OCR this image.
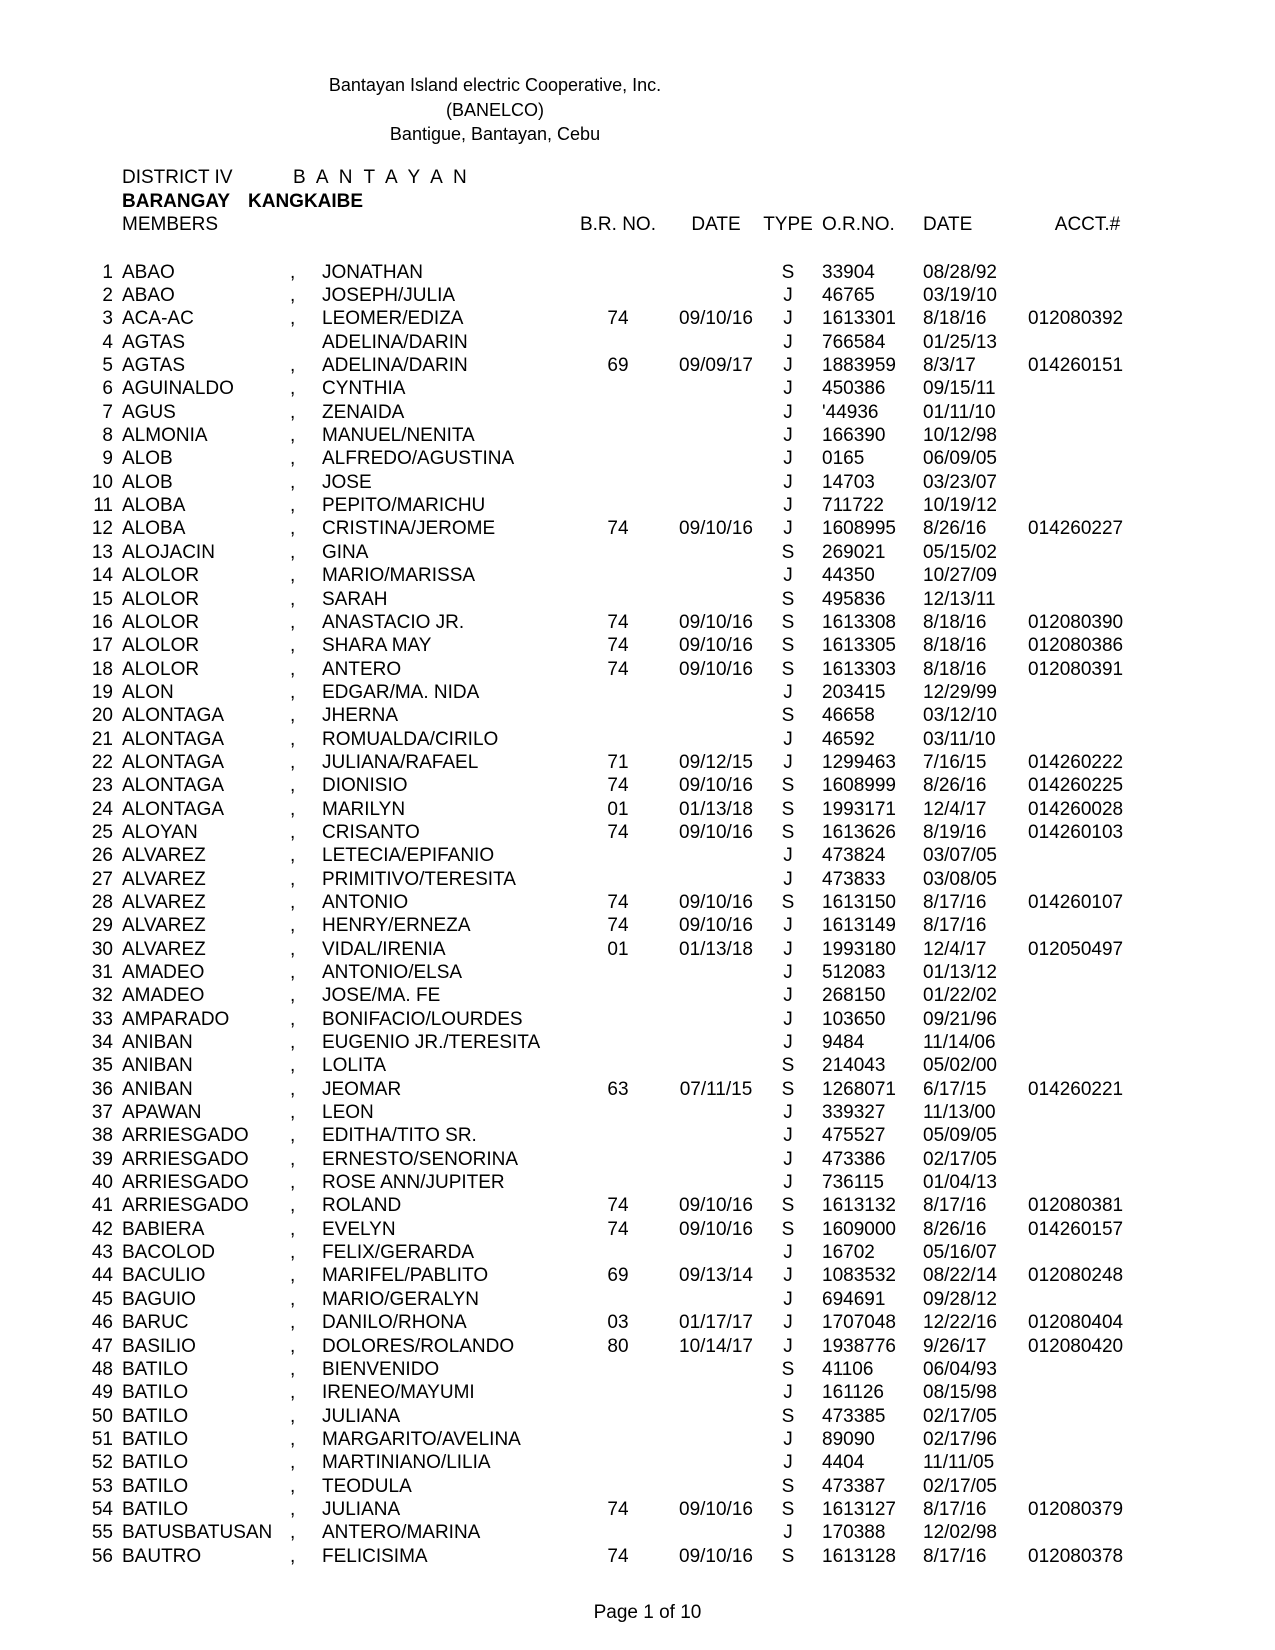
Bantayan Island electric Cooperative, Inc.
(BANELCO)
Bantigue, Bantayan, Cebu
DISTRICT IV	B A N T A Y A N
BARANGAY KANGKAIBE
MEMBERS	B.R. NO.	DATE	TYPE O.R.NO.	DATE	ACCT.#
1 ABAO	,	JONATHAN	S	33904	08/28/92
2 ABAO	,	JOSEPH/JULIA	J	46765	03/19/10
3 ACA-AC	,	LEOMER/EDIZA	74	09/10/16	J	1613301	8/18/16	012080392
4 AGTAS	ADELINA/DARIN	J	766584	01/25/13
5 AGTAS	,	ADELINA/DARIN	69	09/09/17	J	1883959	8/3/17	014260151
6 AGUINALDO	,	CYNTHIA	J	450386	09/15/11
7 AGUS	,	ZENAIDA	J	'44936	01/11/10
8 ALMONIA	,	MANUEL/NENITA	J	166390	10/12/98
9 ALOB	,	ALFREDO/AGUSTINA	J	0165	06/09/05
10 ALOB	,	JOSE	J	14703	03/23/07
11 ALOBA	,	PEPITO/MARICHU	J	711722	10/19/12
12 ALOBA	,	CRISTINA/JEROME	74	09/10/16	J	1608995	8/26/16	014260227
13 ALOJACIN	,	GINA	S	269021	05/15/02
14 ALOLOR	,	MARIO/MARISSA	J	44350	10/27/09
15 ALOLOR	,	SARAH	S	495836	12/13/11
16 ALOLOR	,	ANASTACIO JR.	74	09/10/16	S	1613308	8/18/16	012080390
17 ALOLOR	,	SHARA MAY	74	09/10/16	S	1613305	8/18/16	012080386
18 ALOLOR	,	ANTERO	74	09/10/16	S	1613303	8/18/16	012080391
19 ALON	,	EDGAR/MA. NIDA	J	203415	12/29/99
20 ALONTAGA	,	JHERNA	S	46658	03/12/10
21 ALONTAGA	,	ROMUALDA/CIRILO	J	46592	03/11/10
22 ALONTAGA	,	JULIANA/RAFAEL	71	09/12/15	J	1299463	7/16/15	014260222
23 ALONTAGA	,	DIONISIO	74	09/10/16	S	1608999	8/26/16	014260225
24 ALONTAGA	,	MARILYN	01	01/13/18	S	1993171	12/4/17	014260028
25 ALOYAN	,	CRISANTO	74	09/10/16	S	1613626	8/19/16	014260103
26 ALVAREZ	,	LETECIA/EPIFANIO	J	473824	03/07/05
27 ALVAREZ	,	PRIMITIVO/TERESITA	J	473833	03/08/05
28 ALVAREZ	,	ANTONIO	74	09/10/16	S	1613150	8/17/16	014260107
29 ALVAREZ	,	HENRY/ERNEZA	74	09/10/16	J	1613149	8/17/16
30 ALVAREZ	,	VIDAL/IRENIA	01	01/13/18	J	1993180	12/4/17	012050497
31 AMADEO	,	ANTONIO/ELSA	J	512083	01/13/12
32 AMADEO	,	JOSE/MA. FE	J	268150	01/22/02
33 AMPARADO	,	BONIFACIO/LOURDES	J	103650	09/21/96
34 ANIBAN	,	EUGENIO JR./TERESITA	J	9484	11/14/06
35 ANIBAN	,	LOLITA	S	214043	05/02/00
36 ANIBAN	,	JEOMAR	63	07/11/15	S	1268071	6/17/15	014260221
37 APAWAN	,	LEON	J	339327	11/13/00
38 ARRIESGADO	,	EDITHA/TITO SR.	J	475527	05/09/05
39 ARRIESGADO	,	ERNESTO/SENORINA	J	473386	02/17/05
40 ARRIESGADO	,	ROSE ANN/JUPITER	J	736115	01/04/13
41 ARRIESGADO	,	ROLAND	74	09/10/16	S	1613132	8/17/16	012080381
42 BABIERA	,	EVELYN	74	09/10/16	S	1609000	8/26/16	014260157
43 BACOLOD	,	FELIX/GERARDA	J	16702	05/16/07
44 BACULIO	,	MARIFEL/PABLITO	69	09/13/14	J	1083532	08/22/14	012080248
45 BAGUIO	,	MARIO/GERALYN	J	694691	09/28/12
46 BARUC	,	DANILO/RHONA	03	01/17/17	J	1707048	12/22/16	012080404
47 BASILIO	,	DOLORES/ROLANDO	80	10/14/17	J	1938776	9/26/17	012080420
48 BATILO	,	BIENVENIDO	S	41106	06/04/93
49 BATILO	,	IRENEO/MAYUMI	J	161126	08/15/98
50 BATILO	,	JULIANA	S	473385	02/17/05
51 BATILO	,	MARGARITO/AVELINA	J	89090	02/17/96
52 BATILO	,	MARTINIANO/LILIA	J	4404	11/11/05
53 BATILO	,	TEODULA	S	473387	02/17/05
54 BATILO	,	JULIANA	74	09/10/16	S	1613127	8/17/16	012080379
55 BATUSBATUSAN ,	ANTERO/MARINA	J	170388	12/02/98
56 BAUTRO	,	FELICISIMA	74	09/10/16	S	1613128	8/17/16	012080378
Page 1 of 10
